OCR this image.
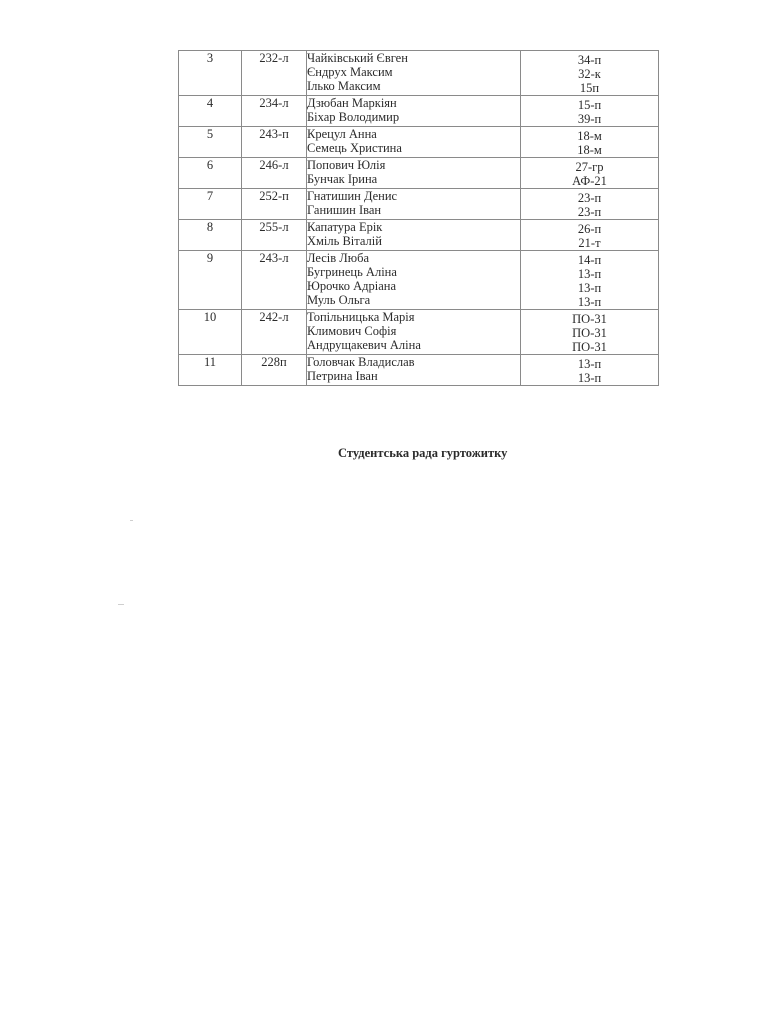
3	232-л	Чайківський Євген
Єндрух Максим
Ілько Максим	34-п
32-к
15п

4	234-л	Дзюбан Маркіян
Біхар Володимир	15-п
39-п

5	243-п	Крецул Анна
Семець Христина	18-м
18-м

6	246-л	Попович Юлія
Бунчак Ірина	27-гр
АФ-21

7	252-п	Гнатишин Денис
Ганишин Іван	23-п
23-п

8	255-л	Капатура Ерік
Хміль Віталій	26-п
21-т

9	243-л	Лесів Люба
Бугринець Аліна
Юрочко Адріана
Муль Ольга	14-п
13-п
13-п
13-п

10	242-л	Топільницька Марія
Климович Софія
Андрущакевич Аліна	ПО-31
ПО-31
ПО-31

11	228п	Головчак Владислав
Петрина Іван	13-п
13-п
Студентська рада гуртожитку
